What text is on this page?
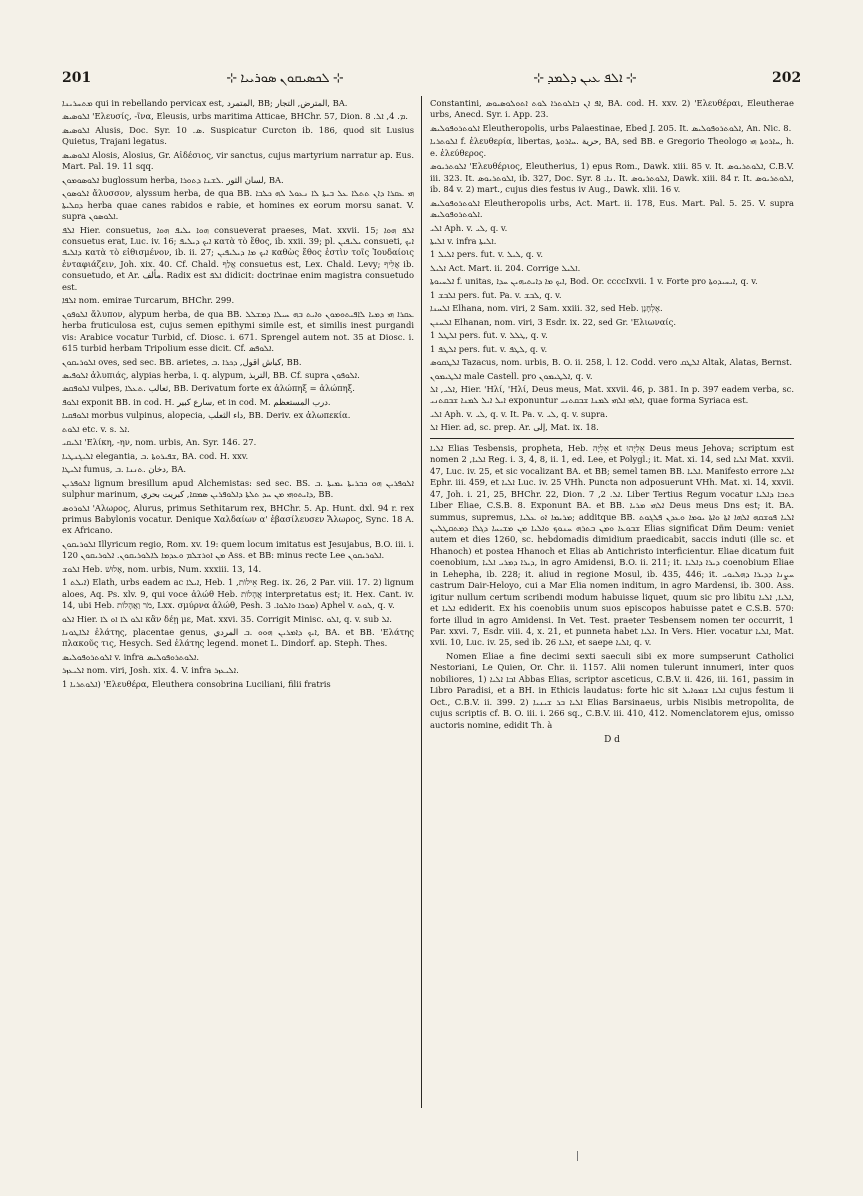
201	⊹ ܠܟܣܝܩܘܢ ܣܘܪܝܝܐ ⊹	⊹ ܐܠܦ ܥܝܢ ܕܠܡܕ ⊹	202

ܡܬܚܪܝܢܐ qui in rebellando pervicax est, المتمرد, BB; المترض, التجار, BA.

ܐܠܘܣܝܣ 'Ελευσίς, -ῖνα, Eleusis, urbs maritima Atticae, BHChr. 57, Dion. ܡ. 4, ܐܠ. 8.

ܐܠܘܣܝܣ Alusis, Doc. Syr. ܣ. 10. Suspicatur Curcton ib. 186, quod sit Lusius Quietus, Trajani legatus.

ܐܠܘܣܝܣ Alosis, Alosius, Gr. Αἰδέσιος, vir sanctus, cujus martyrium narratur ap. Eus. Mart. Pal. 19. 11 sqq.

ܐܠܘܣܘܡܘܢ buglossum herba, لسان الثور .ܠܫܢܐ ܕܬܘܪܐ, BA.

ܐܠܘܣܘܢ ἄλυσσον, alyssum herba, de qua BB. ܗܝ ܥܩܪܐ ܕܐܢ ܬܬܠܐ ܥܠ ܒܝܬܐ ܠܐ ܢܥܘܠ ܠܗ ܟܠܒܐ ܕܩܠܝܬܐ herba quae canes rabidos e rabie, et homines ex eorum morsu sanat. V. supra ܐܠܘܣܘܢ.

ܐܠܦ Hier. consuetus, ܗܘܐ ܝܠܝܦ ܗܘܐ consueverat praeses, Mat. xxvii. 15; ܐܠܦ ܗܘܐ consuetus erat, Luc. iv. 16; ܐܝܟ ܕܝܠܝܦ κατὰ τὸ ἔθος, ib. xxii. 39; pl. ܝܠܝܦܝܢ consueti, ܐܝܟ ܕܐܠܝܦ κατὰ τὸ εἰθισμένον, ib. ii. 27; ܐܝܟ ܡܐ ܕܝܠܝܦܝܢ καθὼς ἔθος ἐστὶν τοῖς Ἰουδαίοις ἐνταφιάζειν, Joh. xix. 40. Cf. Chald. אֲלַף consuetus est, Lex. Chald. Levy; אֲלִיף ib. consuetudo, et Ar. مألف. Radix est ܐܠܦ didicit: doctrinae enim magistra consuetudo est.

ܐܠܦܐ nom. emirae Turcarum, BHChr. 299.

ܐܠܘܦܘܢ ἄλυπον, alypum herba, de qua BB. ܥܩܪܐ ܗܝ ܕܡܝܐ ܠܐܦܝܬܘܡܘܢ ܘܐܝܬ ܒܗ ܚܝܠܐ ܕܡܫܠܠ herba fruticulosa est, cujus semen epithymi simile est, et similis inest purgandi vis: Arabice vocatur Turbid, cf. Diosc. i. 671. Sprengel autem not. 35 at Diosc. i. 615 turbid herbam Tripolium esse dicit. Cf. ܐܠܘܦܣ.

ܐܠܘܪܝܩܘܢ oves, sed sec. BB. arietes, كباش اقول, ܕܟܪܐ .ܒ, BB.

ܐܠܘܦܝܣ ἀλυπιάς, alypias herba, i. q. alypum, التربذ, BB. Cf. supra ܐܠܘܦܘܢ.

ܐܠܘܦܩܣ vulpes, ثعالب .ܬܥܠܐ, BB. Derivatum forte ex ἀλώπηξ = ἀλώπηξ.

ܐܠܘܦ exponit BB. in cod. H. سارع كبير, et in cod. M. درب المستعظم.

ܐܠܘܦܩܝܐ morbus vulpinus, alopecia, داء الثعلب, BB. Deriv. ex ἀλωπεκία.

ܐܠܘܬ etc. v. s. ܐܠ.

ܐܠܝܩܝ 'Ελίκη, -ην, nom. urbis, An. Syr. 146. 27.

ܐܠܝܓܢܛܝܐ elegantia, ܫܦܝܪܘܬܐ .ܒ, BA. cod. H. xxv.

ܐܠܝܛܐ fumus, دخان .ܬܢܢܐ .ܒ, BA.

ܐܠܘܦܪܝܢ lignum bresillum apud Alchemistas: sed sec. BS. ܐܠܘܦܪܝܢ ܗܘ ܟܒܪܝܬܐ ܝܡܝܬܐ .ܒ sulphur marinum, ܕܐܝܬܘܗܝ ܡܢ ܚܕ ܬܠܬܐ ܕܐܠܘܦܪܝܢ ܣܡܩܐ, كبريت بحري, BB.

ܐܠܘܪܘܣ 'Αλωρος, Alurus, primus Sethitarum rex, BHChr. 5. Ap. Hunt. dxl. 94 r. rex primus Babylonis vocatur. Denique Χαλδαίων α' ἐβασίλευσεν Ἄλωρος, Sync. 18 A. ex Africano.

ܐܠܘܪܝܩܘܢ Illyricum regio, Rom. xv. 19: quem locum imitatus est Jesujabus, B.O. iii. i. 120 ܡܢ ܐܘܪܫܠܡ ܘܥܕܡܐ ܠܐܠܘܪܝܩܘܢ. ܐܠܘܪܝܩܘܢ Ass. et BB: minus recte Lee ܐܠܘܪܝܩܘܢ.

ܐܠܘܫ Heb. אָלוּשׁ, nom. urbis, Num. xxxiii. 13, 14.

ܐܝܠܬ 1) Elath, urbs eadem ac ܐܝܠܐ, Heb. אֵילוֹת, 1 Reg. ix. 26, 2 Par. viii. 17. 2) lignum aloes, Aq. Ps. xlv. 9, qui voce ἀλώθ Heb. אֲהָלוֹת interpretatus est; it. Hex. Cant. iv. 14, ubi Heb. מֹר וַאֲהָלוֹת, Lxx. σμύρνα ἀλώθ, Pesh. ܡܘܪܐ ܘܐܠܘܐ. 3) Aphel v. ܠܘܬ, q. v.

ܐܠܘ Hier. ܐܠܘ ܠܐ ܐܘ ܠܐ κἂν δέῃ με, Mat. xxvi. 35. Corrigit Minisc. ܐܠܘ, q. v. sub ܐܠ.

ܐܠܐܛܘܢܐ ἐλάτης, placentae genus, ܐܝܟ ܕܐܡܪܝܢ ܗܘܘ .ܒ المردي, BA. et BB. 'Ελάτης πλακοῦς τις, Hesych. Sed ἐλάτης legend. monet L. Dindorf. ap. Steph. Thes.

ܐܠܘܬܪܘܦܘܠܝܣ v. infra ܐܠܘܬܪܘܦܘܠܝܣ.

ܐܠܝܥܙܪ nom. viri, Josh. xix. 4. V. infra ܐܠܝܥܙܪ.

ܐܠܘܬܪܝܐ 1) 'Ελευθέρα, Eleuthera consobrina Luciliani, filii fratris

Constantini, ܐܦ ܐܢ ܒܐܠܘܬܪܐ ܠܘܬ ܐܬܘܠܘܣܝܘܣ, BA. cod. H. xxv. 2) 'Ελευθέραι, Eleutherae urbs, Anecd. Syr. i. App. 23.

ܐܠܘܬܪܘܦܘܠܝܣ Eleutheropolis, urbs Palaestinae, Ebed J. 205. It. ܐܠܘܬܪܘܦܘܠܝܣ, An. Nic. 8.

ܐܠܘܬܪܝܐ f. ἐλευθερία, libertas, حرية .ܚܐܪܘܬܐ, BA, sed BB. e Gregorio Theologo ܚܐܪܘܬܐ ܗܝ, h. e. ἐλεύθερος.

ܐܠܘܬܪܝܘܣ 'Ελευθέριος, Eleutherius, 1) epus Rom., Dawk. xiii. 85 v. It. ܐܠܘܬܪܝܘܣ, C.B.V. iii. 323. It. ܐܠܘܬܪܝܘܣ, ib. 327, Doc. Syr. ܢܐ. 8. It. ܐܠܘܬܪܝܘܣ, Dawk. xiii. 84 r. It. ܐܠܘܬܪܝܘܣ, ib. 84 v. 2) mart., cujus dies festus iv Aug., Dawk. xlii. 16 v.

ܐܠܘܬܪܘܦܘܠܝܣ Eleutheropolis urbs, Act. Mart. ii. 178, Eus. Mart. Pal. 5. 25. V. supra ܐܠܘܬܪܘܦܘܠܝܣ.

ܐܠܝ Aph. v. ܠܝ, q. v.

ܐܠܝܬܐ v. infra ܐܠܝܬܐ.

ܐܠܝܠ 1 pers. fut. v. ܠܝܠ, q. v.

ܐܠܝܠ Act. Mart. ii. 204. Corrige ܐܠܝܠ.

ܐܠܚܝܘܬܐ f. unitas, ܐܝܟ ܡܐ ܕܐܝܬܝܗܝܢ ܚܕܐ, Bod. Or. ccccIxvii. 1 v. Forte pro ܐܝܚܝܕܘܬܐ, q. v.

ܐܠܒܫ 1 pers. fut. Pa. v. ܠܒܫ, q. v.

ܐܠܚܢܐ Elhana, nom. viri, 2 Sam. xxiii. 32, sed Heb. אֶלְחָנָן.

ܐܠܚܢܢ Elhanan, nom. viri, 3 Esdr. ix. 22, sed Gr. 'Ελιωναίς.

ܐܠܛܠ 1 pers. fut. v. ܛܠܠ, q. v.

ܐܠܛܦ 1 pers. fut. v. ܠܛܦ, q. v.

ܐܠܛܩܘܣ Tazacus, nom. urbis, B. O. ii. 258, l. 12. Codd. vero ܐܠܛܩ Altak, Alatas, Bernst.

ܐܠܛܝܡܘܢ male Castell. pro ܐܠܛܝܡܘܢ, q. v.

ܐܠܝ, ܐܠ, Hier. 'Ηλί, 'Ηλί, Deus meus, Mat. xxvii. 46, p. 381. In p. 397 eadem verba, sc. ܐܝܠ ܐܝܠ ܠܡܢܐ ܫܒܩܬܢܝ exponuntur ܐܠܗܝ ܐܠܗܝ ܠܡܢܐ ܫܒܩܬܢܝ, quae forma Syriaca est.

ܐܠܝ Aph. v. ܠܝ, q. v. It. Pa. v. ܠܝ, q. v. supra.

ܐܠ Hier. ad, sc. prep. Ar. إلى, Mat. ix. 18.

ܐܠܝܐ Elias Tesbensis, propheta, Heb. אֵלִיָּה et אֵלִיָּהוּ Deus meus Jehova; scriptum est nomen ܐܠܝܐ, 2 Reg. i. 3, 4, 8, ii. 1, ed. Lee, et Polygl.; it. Mat. xi. 14, sed ܐܠܝܐ Mat. xxvii. 47, Luc. iv. 25, et sic vocalizant BA. et BB; semel tamen BB. ܐܠܝܐ. Manifesto errore ܐܠܝܐ Ephr. iii. 459, et ܐܠܝܐ Luc. iv. 25 VHh. Puncta non adposuerunt VHh. Mat. xi. 14, xxvii. 47, Joh. i. 21, 25, BHChr. 22, Dion. ܐܠ. 2, 7. Liber Tertius Regum vocatur ܟܬܒܐ ܕܐܠܝܐ Liber Eliae, C.S.B. 8. Exponunt BA. et BB. ܐܠܗܝ ܡܪܝܐ Deus meus Dns est; it. BA. summus, supremus, ܡܪܝܡܐ ܐܘ ܥܠܝܐ; additque BB. ܐܠܝܐ ܦܘܫܩܗ ܐܠܗܐ ܐܬܐ ܘܐܬܐ ܝܘܡܐ ܘܥܕܢ ܦܠܓܘܬ ܫܒܘܥܐ ܘܡܢ ܒܬܪܗ ܚܢܘܟ ܘܐܠܝܐ ܡܢ ܡܫܝܚܐ ܕܓܠܐ ܕܡܬܩܛܠܝܢ Elias significat Dñm Deum: veniet autem et dies 1260, sc. hebdomadis dimidium praedicabit, saccis induti (ille sc. et Hhanoch) et postea Hhanoch et Elias ab Antichristo interficientur. Eliae dicatum fuit coenobium, ܕܝܪܐ ܕܡܪܝ ܐܠܝܐ, in agro Amidensi, B.O. ii. 211; it. ܕܝܪܐ ܕܐܠܝܐ coenobium Eliae in Lehepha, ib. 228; it. aliud in regione Mosul, ib. 435, 446; it. ܚܨܢܐ ܕܕܝܪܐ ܕܗܠܝܘܝ castrum Dair-Heloyo, cui a Mar Elia nomen inditum, in agro Mardensi, ib. 300. Ass. igitur nullum certum scribendi modum habuisse liquet, quum sic pro libitu ܐܠܝܐ, ܐܠܝܐ, et ܐܠܝܐ ediderit. Ex his coenobiis unum suos episcopos habuisse patet e C.S.B. 570: forte illud in agro Amidensi. In Vet. Test. praeter Tesbensem nomen ter occurrit, 1 Par. xxvi. 7, Esdr. viii. 4, x. 21, et punneta habet ܐܠܝܐ. In Vers. Hier. vocatur ܐܠܝܐ, Mat. xvii. 10, Luc. iv. 25, sed ib. 26 ܐܠܝܐ, et saepe ܐܠܝܐ, q. v.

Nomen Eliae a fine decimi sexti saeculi sibi ex more sumpserunt Catholici Nestoriani, Le Quien, Or. Chr. ii. 1157. Alii nomen tulerunt innumeri, inter quos nobiliores, 1) ܐܒܐ ܐܠܝܐ Abbas Elias, scriptor asceticus, C.B.V. ii. 426, iii. 161, passim in Libro Paradisi, et a BH. in Ethicis laudatus: forte hic sit ܐܠܝܐ ܫܡܘܐܝܠ cujus festum ii Oct., C.B.V. ii. 399. 2) ܐܠܝܐ ܒܪ ܫܝܢܝܐ Elias Barsinaeus, urbis Nisibis metropolita, de cujus scriptis cf. B. O. iii. i. 266 sq., C.B.V. iii. 410, 412. Nomenclatorem ejus, omisso auctoris nomine, edidit Th. à

D d
